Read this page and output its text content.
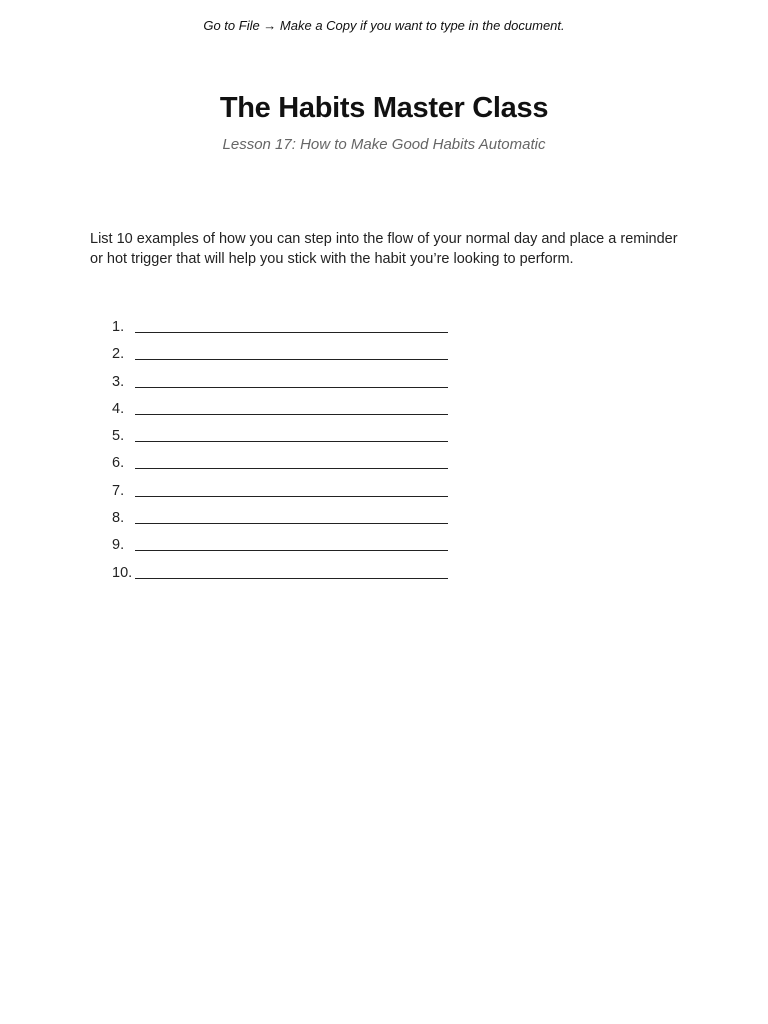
Go to File → Make a Copy if you want to type in the document.
The Habits Master Class
Lesson 17: How to Make Good Habits Automatic

List 10 examples of how you can step into the flow of your normal day and place a reminder or hot trigger that will help you stick with the habit you’re looking to perform.

1.
2.
3.
4.
5.
6.
7.
8.
9.
10.
